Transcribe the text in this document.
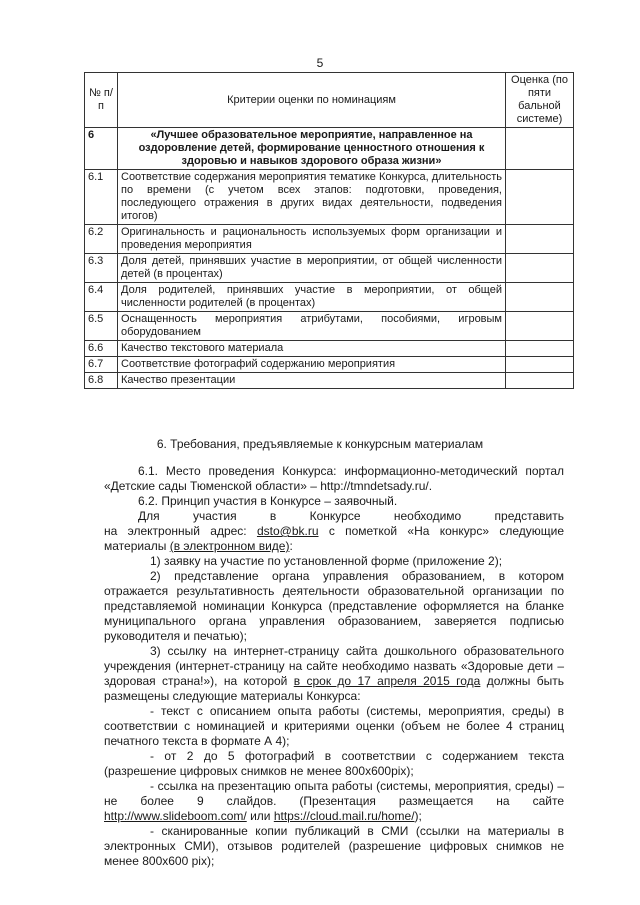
5
№ п/п	Критерии оценки по номинациям	Оценка (по пяти бальной системе)
6	«Лучшее образовательное мероприятие, направленное на оздоровление детей, формирование ценностного отношения к здоровью и навыков здорового образа жизни»	
6.1	Соответствие содержания мероприятия тематике Конкурса, длительность по времени (с учетом всех этапов: подготовки, проведения, последующего отражения в других видах деятельности, подведения итогов)	
6.2	Оригинальность и рациональность используемых форм организации и проведения мероприятия	
6.3	Доля детей, принявших участие в мероприятии, от общей численности детей (в процентах)	
6.4	Доля родителей, принявших участие в мероприятии, от общей численности родителей (в процентах)	
6.5	Оснащенность мероприятия атрибутами, пособиями, игровым оборудованием	
6.6	Качество текстового материала	
6.7	Соответствие фотографий содержанию мероприятия	
6.8	Качество презентации	
6. Требования, предъявляемые к конкурсным материалам

6.1. Место проведения Конкурса: информационно-методический портал «Детские сады Тюменской области» – http://tmndetsady.ru/.

6.2. Принцип участия в Конкурсе – заявочный.

Для	участия	в	Конкурсе	необходимо	представить

на электронный адрес: dsto@bk.ru с пометкой «На конкурс» следующие материалы (в электронном виде):

1) заявку на участие по установленной форме (приложение 2);

2) представление органа управления образованием, в котором отражается результативность деятельности образовательной организации по представляемой номинации Конкурса (представление оформляется на бланке муниципального органа управления образованием, заверяется подписью руководителя и печатью);

3) ссылку на интернет-страницу сайта дошкольного образовательного учреждения (интернет-страницу на сайте необходимо назвать «Здоровые дети – здоровая страна!»), на которой в срок до 17 апреля 2015 года должны быть размещены следующие материалы Конкурса:

- текст с описанием опыта работы (системы, мероприятия, среды) в соответствии с номинацией и критериями оценки (объем не более 4 страниц печатного текста в формате А 4);

- от 2 до 5 фотографий в соответствии с содержанием текста (разрешение цифровых снимков не менее 800x600pix);

- ссылка на презентацию опыта работы (системы, мероприятия, среды) – не более 9 слайдов. (Презентация размещается на сайте http://www.slideboom.com/ или https://cloud.mail.ru/home/);

- сканированные копии публикаций в СМИ (ссылки на материалы в электронных СМИ), отзывов родителей (разрешение цифровых снимков не менее 800x600 pix);
